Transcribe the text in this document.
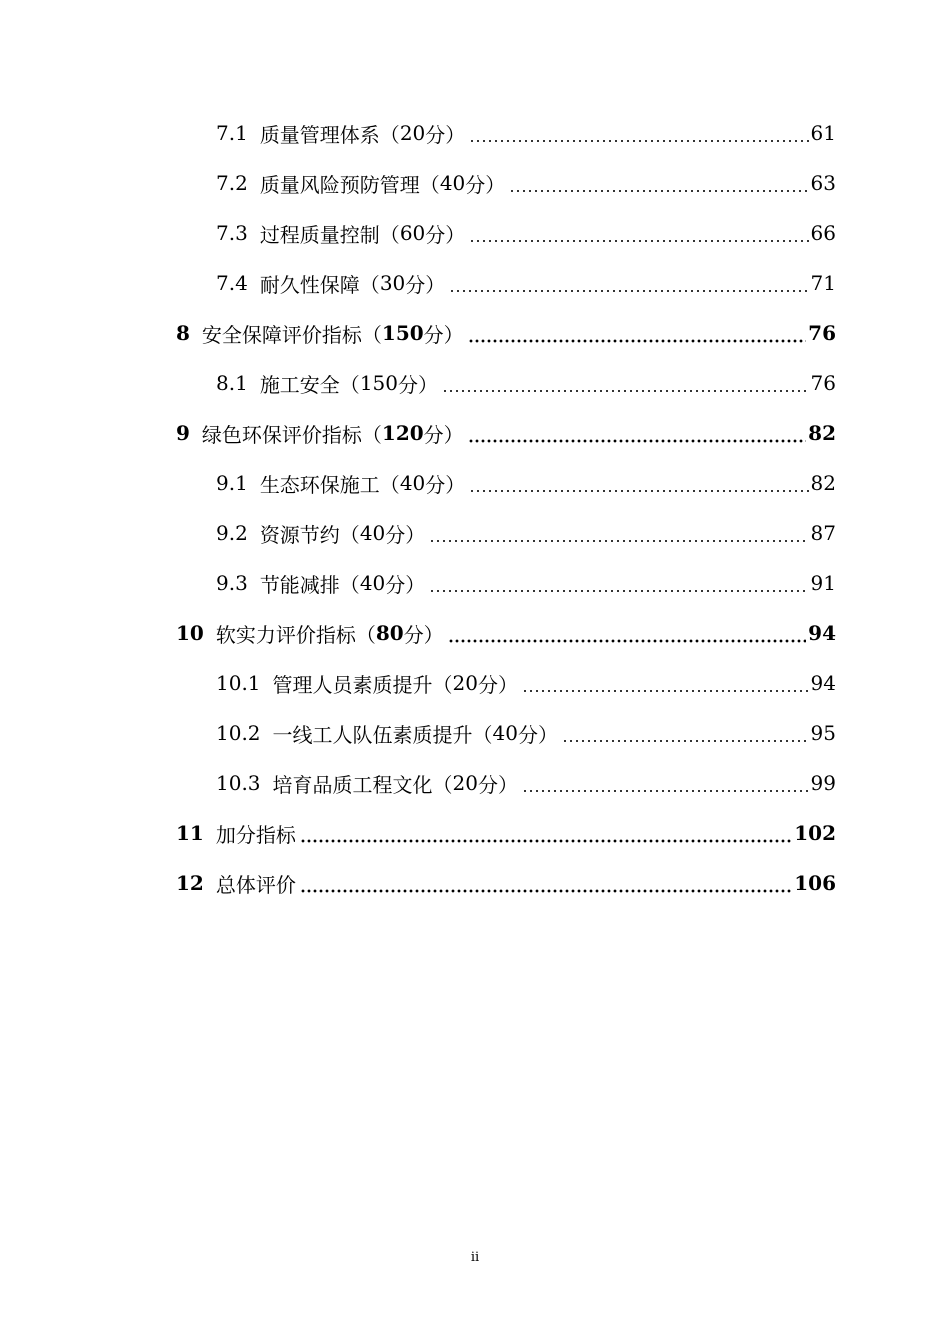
7.1 质量管理体系（ 20 分）	61
7.2 质量风险预防管理（ 40 分）	63
7.3 过程质量控制（ 60 分）	66
7.4 耐久性保障（ 30 分）	71
8 安全保障评价指标（ 150 分）	76
8.1 施工安全（ 150 分）	76
9 绿色环保评价指标（ 120 分）	82
9.1 生态环保施工（ 40 分）	82
9.2 资源节约（ 40 分）	87
9.3 节能减排（ 40 分）	91
10 软实力评价指标（ 80 分）	94
10.1 管理人员素质提升（ 20 分）	94
10.2 一线工人队伍素质提升（ 40 分）	95
10.3 培育品质工程文化（ 20 分）	99
11 加分指标	102
12 总体评价	106
ii
